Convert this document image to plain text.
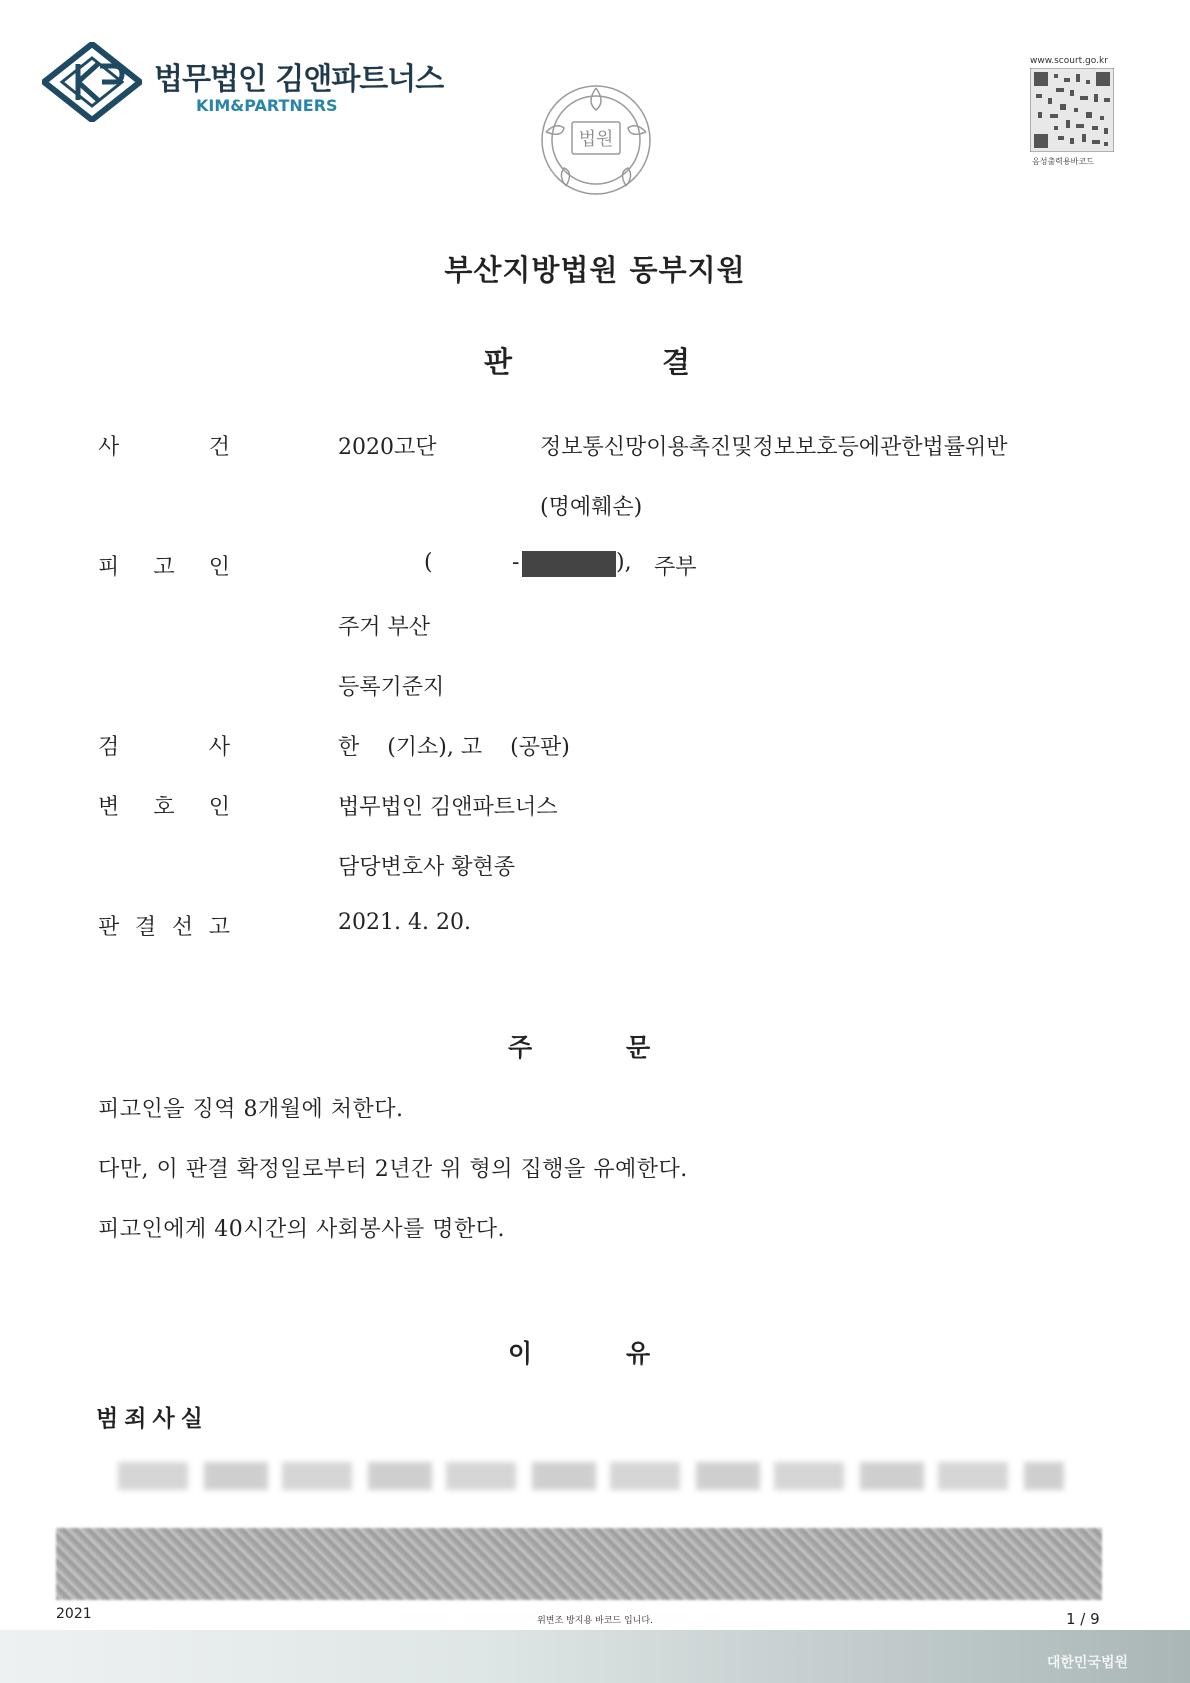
법무법인 김앤파트너스
KIM&PARTNERS
법원
www.scourt.go.kr
음성출력용바코드
부산지방법원 동부지원
판	결
사	건	2020고단	정보통신망이용촉진및정보보호등에관한법률위반
(명예훼손)
피 고 인	(	-	), 주부
주거 부산
등록기준지
검	사	한    (기소), 고    (공판)
변 호 인	법무법인 김앤파트너스
담당변호사 황현종
판 결 선 고	2021. 4. 20.
주	문
피고인을 징역 8개월에 처한다.
다만, 이 판결 확정일로부터 2년간 위 형의 집행을 유예한다.
피고인에게 40시간의 사회봉사를 명한다.
이	유
범죄사실
2021	위변조 방지용 바코드 입니다.	1 / 9
대한민국법원
